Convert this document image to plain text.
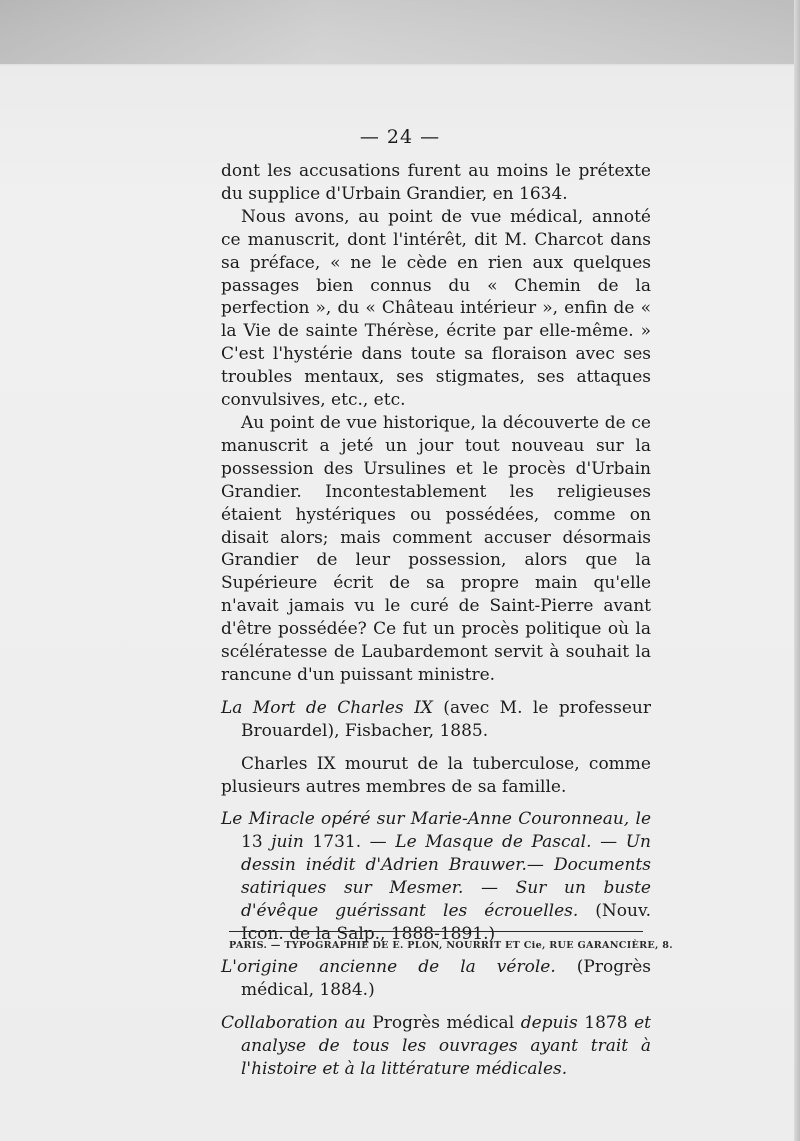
— 24 —

dont les accusations furent au moins le prétexte du supplice d'Urbain Grandier, en 1634.

Nous avons, au point de vue médical, annoté ce manuscrit, dont l'intérêt, dit M. Charcot dans sa préface, « ne le cède en rien aux quelques passages bien connus du « Chemin de la perfection », du « Château intérieur », enfin de « la Vie de sainte Thérèse, écrite par elle-même. » C'est l'hystérie dans toute sa floraison avec ses troubles mentaux, ses stigmates, ses attaques convulsives, etc., etc.

Au point de vue historique, la découverte de ce manuscrit a jeté un jour tout nouveau sur la possession des Ursulines et le procès d'Urbain Grandier. Incontestablement les religieuses étaient hystériques ou possédées, comme on disait alors; mais comment accuser désormais Grandier de leur possession, alors que la Supérieure écrit de sa propre main qu'elle n'avait jamais vu le curé de Saint-Pierre avant d'être possédée? Ce fut un procès politique où la scélératesse de Laubardemont servit à souhait la rancune d'un puissant ministre.

La Mort de Charles IX (avec M. le professeur Brouardel), Fisbacher, 1885.

Charles IX mourut de la tuberculose, comme plusieurs autres membres de sa famille.

Le Miracle opéré sur Marie-Anne Couronneau, le 13 juin 1731. — Le Masque de Pascal. — Un dessin inédit d'Adrien Brauwer.— Documents satiriques sur Mesmer. — Sur un buste d'évêque guérissant les écrouelles. (Nouv. Icon. de la Salp., 1888-1891.)

L'origine ancienne de la vérole. (Progrès médical, 1884.)

Collaboration au Progrès médical depuis 1878 et analyse de tous les ouvrages ayant trait à l'histoire et à la littérature médicales.

PARIS. — TYPOGRAPHIE DE E. PLON, NOURRIT ET Cie, RUE GARANCIÈRE, 8.
